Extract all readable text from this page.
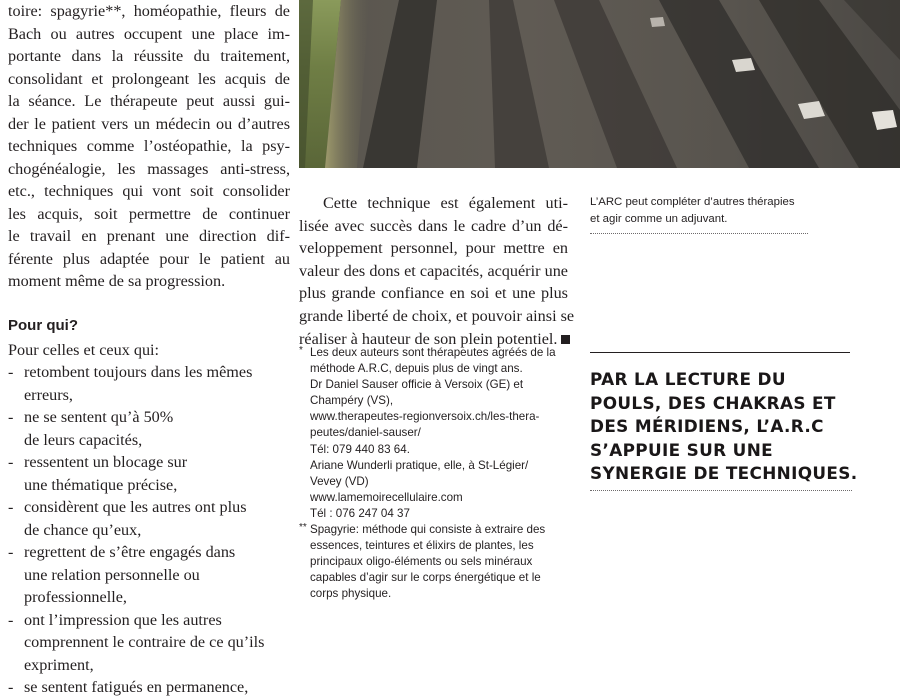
toire: spagyrie**, homéopathie, fleurs de
Bach ou autres occupent une place im-
portante dans la réussite du traitement,
consolidant et prolongeant les acquis de
la séance. Le thérapeute peut aussi gui-
der le patient vers un médecin ou d’autres
techniques comme l’ostéopathie, la psy-
chogénéalogie, les massages anti-stress,
etc., techniques qui vont soit consolider
les acquis, soit permettre de continuer
le travail en prenant une direction dif-
férente plus adaptée pour le patient au
moment même de sa progression.
Pour qui?
Pour celles et ceux qui:
- retombent toujours dans les mêmes
erreurs,
- ne se sentent qu’à 50%
de leurs capacités,
- ressentent un blocage sur
une thématique précise,
- considèrent que les autres ont plus
de chance qu’eux,
- regrettent de s’être engagés dans
une relation personnelle ou
professionnelle,
- ont l’impression que les autres
comprennent le contraire de ce qu’ils
expriment,
- se sentent fatigués en permanence,
Cette technique est également uti-
lisée avec succès dans le cadre d’un dé-
veloppement personnel, pour mettre en
valeur des dons et capacités, acquérir une
plus grande confiance en soi et une plus
grande liberté de choix, et pouvoir ainsi se
réaliser à hauteur de son plein potentiel.
* Les deux auteurs sont thérapeutes agréés de la
méthode A.R.C, depuis plus de vingt ans.
Dr Daniel Sauser officie à Versoix (GE) et
Champéry (VS),
www.therapeutes-regionversoix.ch/les-thera-
peutes/daniel-sauser/
Tél: 079 440 83 64.
Ariane Wunderli pratique, elle, à St-Légier/
Vevey (VD)
www.lamemoirecellulaire.com
Tél : 076 247 04 37
** Spagyrie: méthode qui consiste à extraire des
essences, teintures et élixirs de plantes, les
principaux oligo-éléments ou sels minéraux
capables d’agir sur le corps énergétique et le
corps physique.
L’ARC peut compléter d’autres thérapies
et agir comme un adjuvant.
PAR LA LECTURE DU
POULS, DES CHAKRAS ET
DES MÉRIDIENS, L’A.R.C
S’APPUIE SUR UNE
SYNERGIE DE TECHNIQUES.
